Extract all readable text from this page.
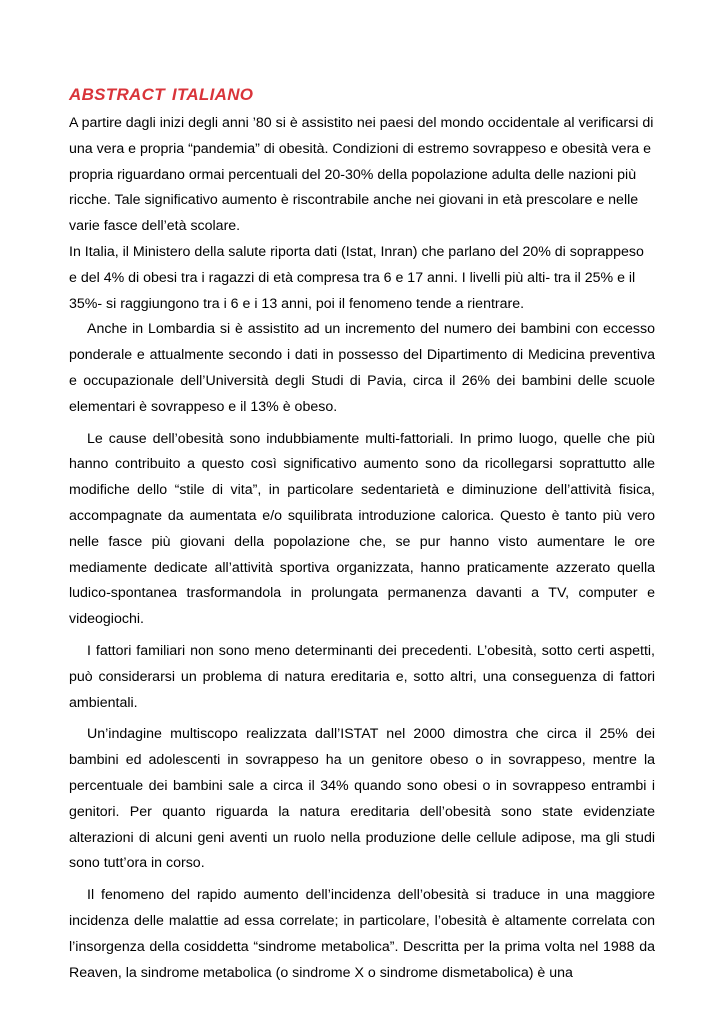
ABSTRACT ITALIANO

A partire dagli inizi degli anni ’80 si è assistito nei paesi del mondo occidentale al verificarsi di una vera e propria “pandemia” di obesità. Condizioni di estremo sovrappeso e obesità vera e propria riguardano ormai percentuali del 20-30% della popolazione adulta delle nazioni più ricche. Tale significativo aumento è riscontrabile anche nei giovani in età prescolare e nelle varie fasce dell’età scolare.

In Italia, il Ministero della salute riporta dati (Istat, Inran) che parlano del 20% di soprappeso e del 4% di obesi tra i ragazzi di età compresa tra 6 e 17 anni. I livelli più alti- tra il 25% e il 35%- si raggiungono tra i 6 e i 13 anni, poi il fenomeno tende a rientrare.

Anche in Lombardia si è assistito ad un incremento del numero dei bambini con eccesso ponderale e attualmente secondo i dati in possesso del Dipartimento di Medicina preventiva e occupazionale dell’Università degli Studi di Pavia, circa il 26% dei bambini delle scuole elementari è sovrappeso e il 13% è obeso.

Le cause dell’obesità sono indubbiamente multi-fattoriali. In primo luogo, quelle che più hanno contribuito a questo così significativo aumento sono da ricollegarsi soprattutto alle modifiche dello “stile di vita”, in particolare sedentarietà e diminuzione dell’attività fisica, accompagnate da aumentata e/o squilibrata introduzione calorica. Questo è tanto più vero nelle fasce più giovani della popolazione che, se pur hanno visto aumentare le ore mediamente dedicate all’attività sportiva organizzata, hanno praticamente azzerato quella ludico-spontanea trasformandola in prolungata permanenza davanti a TV, computer e videogiochi.

I fattori familiari non sono meno determinanti dei precedenti. L’obesità, sotto certi aspetti, può considerarsi un problema di natura ereditaria e, sotto altri, una conseguenza di fattori ambientali.

Un’indagine multiscopo realizzata dall’ISTAT nel 2000 dimostra che circa il 25% dei bambini ed adolescenti in sovrappeso ha un genitore obeso o in sovrappeso, mentre la percentuale dei bambini sale a circa il 34% quando sono obesi o in sovrappeso entrambi i genitori. Per quanto riguarda la natura ereditaria dell’obesità sono state evidenziate alterazioni di alcuni geni aventi un ruolo nella produzione delle cellule adipose, ma gli studi sono tutt’ora in corso.

Il fenomeno del rapido aumento dell’incidenza dell’obesità si traduce in una maggiore incidenza delle malattie ad essa correlate; in particolare, l’obesità è altamente correlata con l’insorgenza della cosiddetta “sindrome metabolica”. Descritta per la prima volta nel 1988 da Reaven, la sindrome metabolica (o sindrome X o sindrome dismetabolica) è una
